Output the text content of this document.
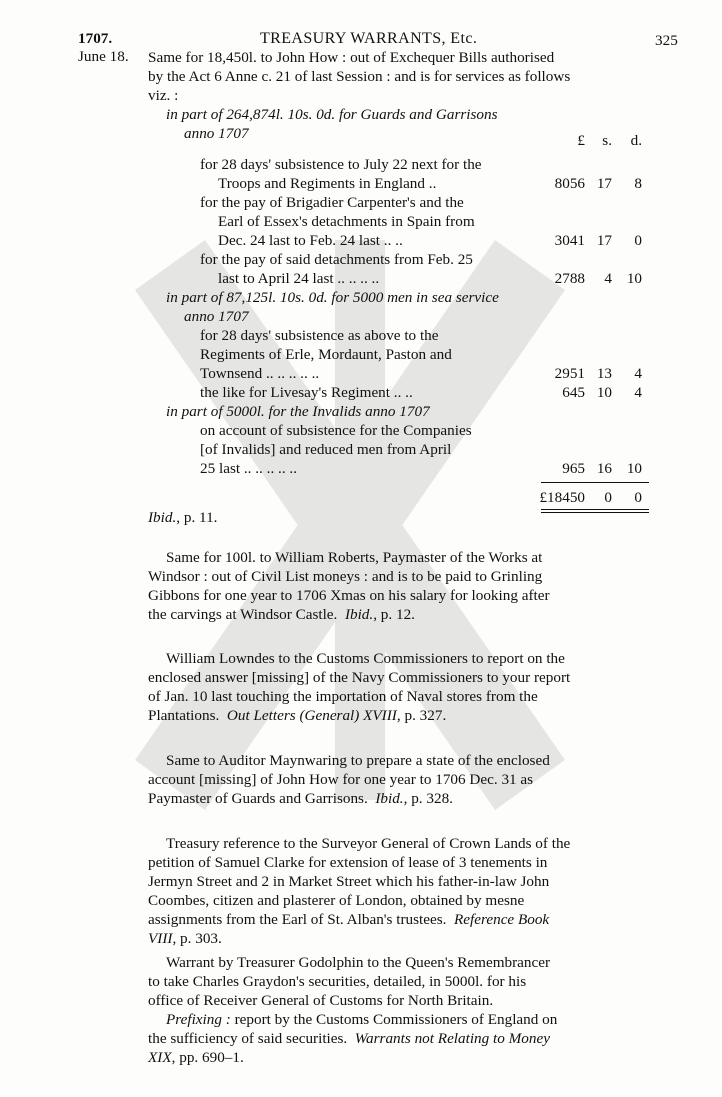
1707.
June 18.
TREASURY WARRANTS, Etc.	325
Same for 18,450l. to John How : out of Exchequer Bills authorised
by the Act 6 Anne c. 21 of last Session : and is for services as follows
viz. :
in part of 264,874l. 10s. 0d. for Guards and Garrisons
anno 1707	£	s.	d.
for 28 days' subsistence to July 22 next for the
Troops and Regiments in England ..	8056 17	8
for the pay of Brigadier Carpenter's and the
Earl of Essex's detachments in Spain from
Dec. 24 last to Feb. 24 last .. ..	3041 17	0
for the pay of said detachments from Feb. 25
last to April 24 last .. .. .. ..	2788	4 10
in part of 87,125l. 10s. 0d. for 5000 men in sea service
anno 1707
for 28 days' subsistence as above to the
Regiments of Erle, Mordaunt, Paston and
Townsend .. .. .. .. ..	2951 13	4
the like for Livesay's Regiment .. ..	645 10	4
in part of 5000l. for the Invalids anno 1707
on account of subsistence for the Companies
[of Invalids] and reduced men from April
25 last .. .. .. .. ..	965 16 10
£18450	0	0
Ibid., p. 11.
Same for 100l. to William Roberts, Paymaster of the Works at
Windsor : out of Civil List moneys : and is to be paid to Grinling
Gibbons for one year to 1706 Xmas on his salary for looking after
the carvings at Windsor Castle. Ibid., p. 12.
William Lowndes to the Customs Commissioners to report on the
enclosed answer [missing] of the Navy Commissioners to your report
of Jan. 10 last touching the importation of Naval stores from the
Plantations. Out Letters (General) XVIII, p. 327.
Same to Auditor Maynwaring to prepare a state of the enclosed
account [missing] of John How for one year to 1706 Dec. 31 as
Paymaster of Guards and Garrisons. Ibid., p. 328.
Treasury reference to the Surveyor General of Crown Lands of the
petition of Samuel Clarke for extension of lease of 3 tenements in
Jermyn Street and 2 in Market Street which his father-in-law John
Coombes, citizen and plasterer of London, obtained by mesne
assignments from the Earl of St. Alban's trustees. Reference Book
VIII, p. 303.
Warrant by Treasurer Godolphin to the Queen's Remembrancer
to take Charles Graydon's securities, detailed, in 5000l. for his
office of Receiver General of Customs for North Britain.
Prefixing : report by the Customs Commissioners of England on
the sufficiency of said securities. Warrants not Relating to Money
XIX, pp. 690–1.
